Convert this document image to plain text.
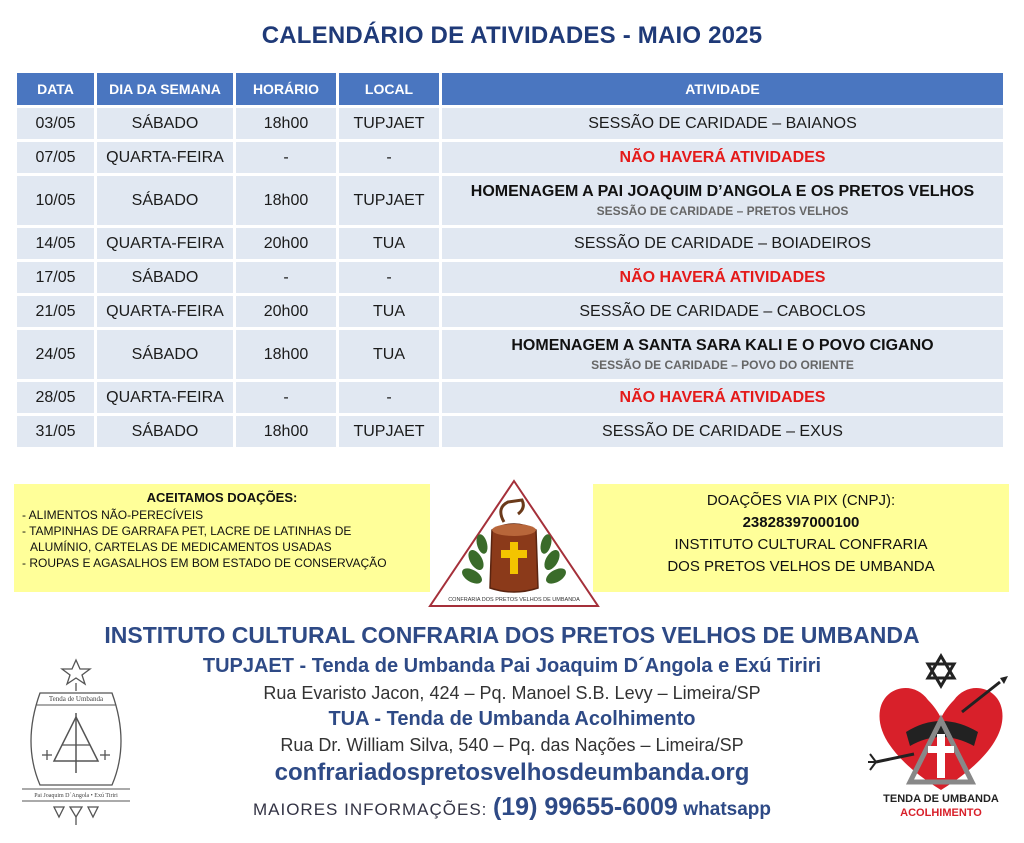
CALENDÁRIO DE ATIVIDADES - MAIO 2025
DATA	DIA DA SEMANA	HORÁRIO	LOCAL	ATIVIDADE
03/05	SÁBADO	18h00	TUPJAET	SESSÃO DE CARIDADE – BAIANOS
07/05	QUARTA-FEIRA	-	-	NÃO HAVERÁ ATIVIDADES
10/05	SÁBADO	18h00	TUPJAET	HOMENAGEM A PAI JOAQUIM D’ANGOLA E OS PRETOS VELHOS
SESSÃO DE CARIDADE – PRETOS VELHOS

14/05	QUARTA-FEIRA	20h00	TUA	SESSÃO DE CARIDADE – BOIADEIROS
17/05	SÁBADO	-	-	NÃO HAVERÁ ATIVIDADES
21/05	QUARTA-FEIRA	20h00	TUA	SESSÃO DE CARIDADE – CABOCLOS
24/05	SÁBADO	18h00	TUA	HOMENAGEM A SANTA SARA KALI E O POVO CIGANO
SESSÃO DE CARIDADE – POVO DO ORIENTE

28/05	QUARTA-FEIRA	-	-	NÃO HAVERÁ ATIVIDADES
31/05	SÁBADO	18h00	TUPJAET	SESSÃO DE CARIDADE – EXUS
ACEITAMOS DOAÇÕES:
- ALIMENTOS NÃO-PERECÍVEIS
- TAMPINHAS DE GARRAFA PET, LACRE DE LATINHAS DE
ALUMÍNIO, CARTELAS DE MEDICAMENTOS USADAS
- ROUPAS E AGASALHOS EM BOM ESTADO DE CONSERVAÇÃO
CONFRARIA DOS PRETOS VELHOS DE UMBANDA
DOAÇÕES VIA PIX (CNPJ):
23828397000100
INSTITUTO CULTURAL CONFRARIA
DOS PRETOS VELHOS DE UMBANDA
Tenda de Umbanda
Pai Joaquim D´Angola • Exú Tiriri
INSTITUTO CULTURAL CONFRARIA DOS PRETOS VELHOS DE UMBANDA
TUPJAET - Tenda de Umbanda Pai Joaquim D´Angola e Exú Tiriri
Rua Evaristo Jacon, 424 – Pq. Manoel S.B. Levy – Limeira/SP
TUA - Tenda de Umbanda Acolhimento
Rua Dr. William Silva, 540 – Pq. das Nações – Limeira/SP
confrariadospretosvelhosdeumbanda.org
MAIORES INFORMAÇÕES: (19) 99655-6009 whatsapp	TENDA DE UMBANDA
ACOLHIMENTO
